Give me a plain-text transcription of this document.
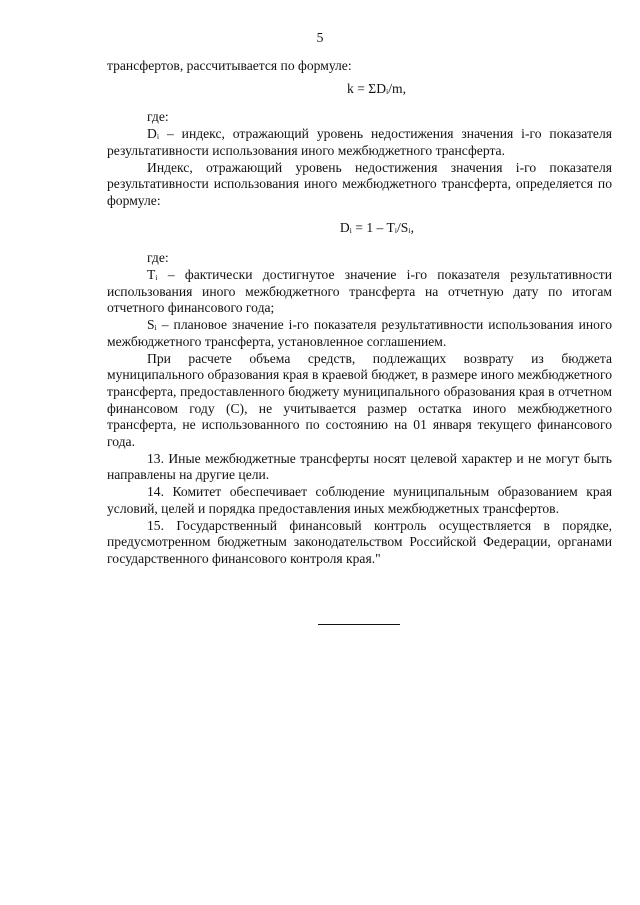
5

трансфертов, рассчитывается по формуле:

k = ΣDᵢ/m,

где:

Dᵢ – индекс, отражающий уровень недостижения значения i-го показателя результативности использования иного межбюджетного трансферта.

Индекс, отражающий уровень недостижения значения i-го показателя результативности использования иного межбюджетного трансферта, определяется по формуле:

Dᵢ = 1 – Tᵢ/Sᵢ,

где:

Tᵢ – фактически достигнутое значение i-го показателя результативности использования иного межбюджетного трансферта на отчетную дату по итогам отчетного финансового года;

Sᵢ – плановое значение i-го показателя результативности использования иного межбюджетного трансферта, установленное соглашением.

При расчете объема средств, подлежащих возврату из бюджета муниципального образования края в краевой бюджет, в размере иного межбюджетного трансферта, предоставленного бюджету муниципального образования края в отчетном финансовом году (C), не учитывается размер остатка иного межбюджетного трансферта, не использованного по состоянию на 01 января текущего финансового года.

13. Иные межбюджетные трансферты носят целевой характер и не могут быть направлены на другие цели.

14. Комитет обеспечивает соблюдение муниципальным образованием края условий, целей и порядка предоставления иных межбюджетных трансфертов.

15. Государственный финансовый контроль осуществляется в порядке, предусмотренном бюджетным законодательством Российской Федерации, органами государственного финансового контроля края."
